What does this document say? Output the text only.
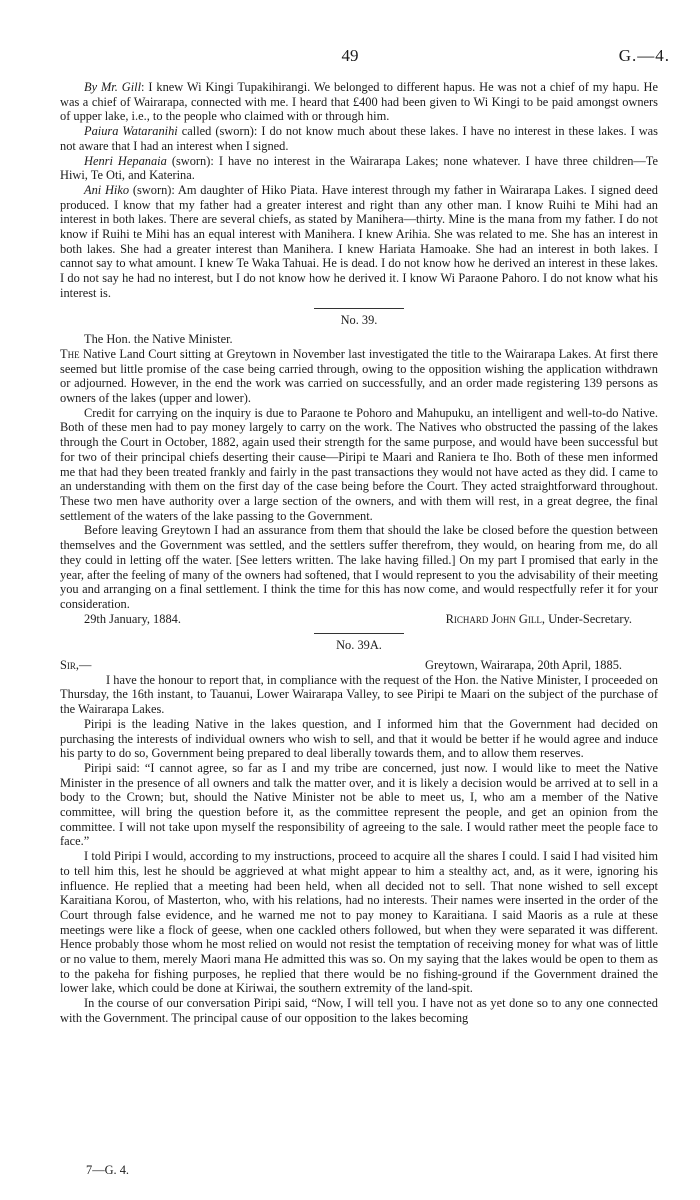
49	G.—4.

By Mr. Gill: I knew Wi Kingi Tupakihirangi. We belonged to different hapus. He was not a chief of my hapu. He was a chief of Wairarapa, connected with me. I heard that £400 had been given to Wi Kingi to be paid amongst owners of upper lake, i.e., to the people who claimed with or through him.

Paiura Wataranihi called (sworn): I do not know much about these lakes. I have no interest in these lakes. I was not aware that I had an interest when I signed.

Henri Hepanaia (sworn): I have no interest in the Wairarapa Lakes; none whatever. I have three children—Te Hiwi, Te Oti, and Katerina.

Ani Hiko (sworn): Am daughter of Hiko Piata. Have interest through my father in Wairarapa Lakes. I signed deed produced. I know that my father had a greater interest and right than any other man. I know Ruihi te Mihi had an interest in both lakes. There are several chiefs, as stated by Manihera—thirty. Mine is the mana from my father. I do not know if Ruihi te Mihi has an equal interest with Manihera. I knew Arihia. She was related to me. She has an interest in both lakes. She had a greater interest than Manihera. I knew Hariata Hamoake. She had an interest in both lakes. I cannot say to what amount. I knew Te Waka Tahuai. He is dead. I do not know how he derived an interest in these lakes. I do not say he had no interest, but I do not know how he derived it. I know Wi Paraone Pahoro. I do not know what his interest is.

No. 39.

The Hon. the Native Minister.

The Native Land Court sitting at Greytown in November last investigated the title to the Wairarapa Lakes. At first there seemed but little promise of the case being carried through, owing to the opposition wishing the application withdrawn or adjourned. However, in the end the work was carried on successfully, and an order made registering 139 persons as owners of the lakes (upper and lower).

Credit for carrying on the inquiry is due to Paraone te Pohoro and Mahupuku, an intelligent and well-to-do Native. Both of these men had to pay money largely to carry on the work. The Natives who obstructed the passing of the lakes through the Court in October, 1882, again used their strength for the same purpose, and would have been successful but for two of their principal chiefs deserting their cause—Piripi te Maari and Raniera te Iho. Both of these men informed me that had they been treated frankly and fairly in the past transactions they would not have acted as they did. I came to an understanding with them on the first day of the case being before the Court. They acted straightforward throughout. These two men have authority over a large section of the owners, and with them will rest, in a great degree, the final settlement of the waters of the lake passing to the Government.

Before leaving Greytown I had an assurance from them that should the lake be closed before the question between themselves and the Government was settled, and the settlers suffer therefrom, they would, on hearing from me, do all they could in letting off the water. [See letters written. The lake having filled.] On my part I promised that early in the year, after the feeling of many of the owners had softened, that I would represent to you the advisability of their meeting you and arranging on a final settlement. I think the time for this has now come, and would respectfully refer it for your consideration.

29th January, 1884.	Richard John Gill, Under-Secretary.
No. 39A.
Sir,—	Greytown, Wairarapa, 20th April, 1885.

I have the honour to report that, in compliance with the request of the Hon. the Native Minister, I proceeded on Thursday, the 16th instant, to Tauanui, Lower Wairarapa Valley, to see Piripi te Maari on the subject of the purchase of the Wairarapa Lakes.

Piripi is the leading Native in the lakes question, and I informed him that the Government had decided on purchasing the interests of individual owners who wish to sell, and that it would be better if he would agree and induce his party to do so, Government being prepared to deal liberally towards them, and to allow them reserves.

Piripi said: “I cannot agree, so far as I and my tribe are concerned, just now. I would like to meet the Native Minister in the presence of all owners and talk the matter over, and it is likely a decision would be arrived at to sell in a body to the Crown; but, should the Native Minister not be able to meet us, I, who am a member of the Native committee, will bring the question before it, as the committee represent the people, and get an opinion from the committee. I will not take upon myself the responsibility of agreeing to the sale. I would rather meet the people face to face.”

I told Piripi I would, according to my instructions, proceed to acquire all the shares I could. I said I had visited him to tell him this, lest he should be aggrieved at what might appear to him a stealthy act, and, as it were, ignoring his influence. He replied that a meeting had been held, when all decided not to sell. That none wished to sell except Karaitiana Korou, of Masterton, who, with his relations, had no interests. Their names were inserted in the order of the Court through false evidence, and he warned me not to pay money to Karaitiana. I said Maoris as a rule at these meetings were like a flock of geese, when one cackled others followed, but when they were separated it was different. Hence probably those whom he most relied on would not resist the temptation of receiving money for what was of little or no value to them, merely Maori mana He admitted this was so. On my saying that the lakes would be open to them as to the pakeha for fishing purposes, he replied that there would be no fishing-ground if the Government drained the lower lake, which could be done at Kiriwai, the southern extremity of the land-spit.

In the course of our conversation Piripi said, “Now, I will tell you. I have not as yet done so to any one connected with the Government. The principal cause of our opposition to the lakes becoming

7—G. 4.
